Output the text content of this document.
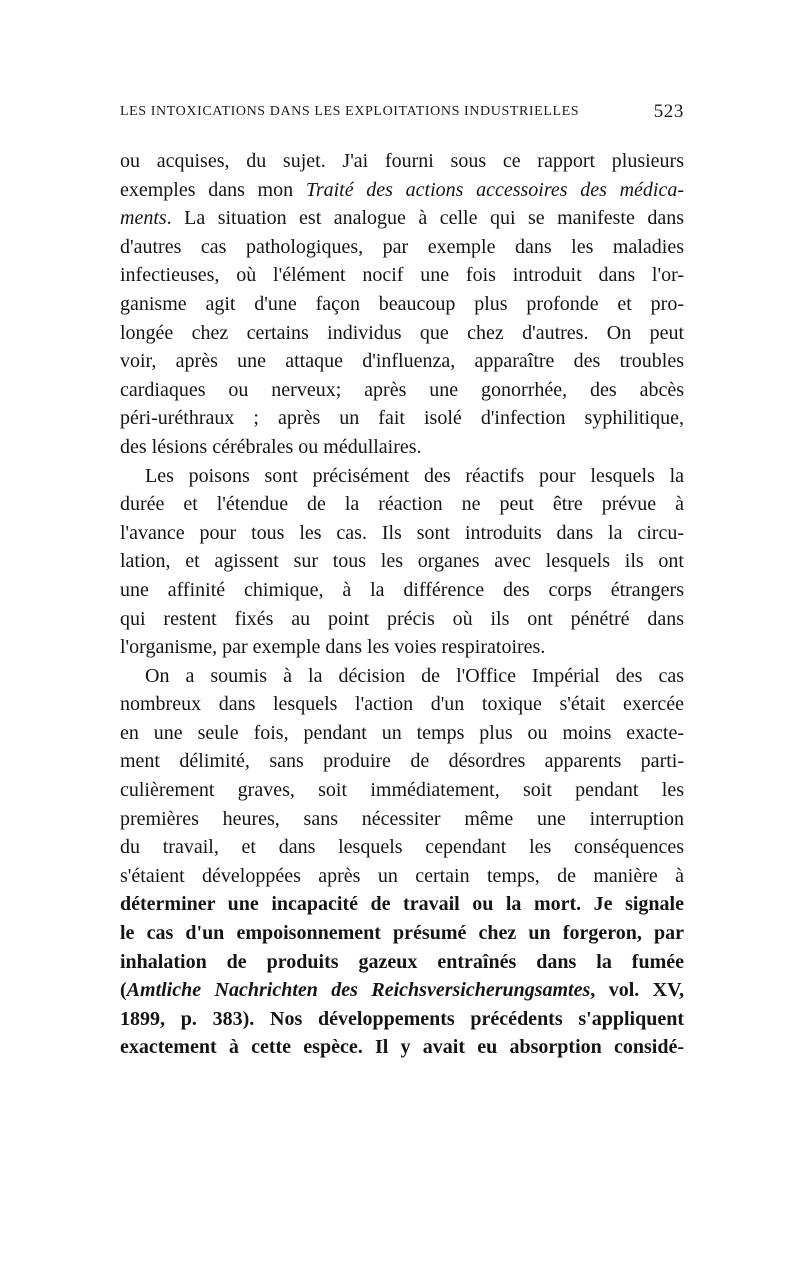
LES INTOXICATIONS DANS LES EXPLOITATIONS INDUSTRIELLES	523
ou acquises, du sujet. J'ai fourni sous ce rapport plusieurs
exemples dans mon Traité des actions accessoires des médica-
ments. La situation est analogue à celle qui se manifeste dans
d'autres cas pathologiques, par exemple dans les maladies
infectieuses, où l'élément nocif une fois introduit dans l'or-
ganisme agit d'une façon beaucoup plus profonde et pro-
longée chez certains individus que chez d'autres. On peut
voir, après une attaque d'influenza, apparaître des troubles
cardiaques ou nerveux; après une gonorrhée, des abcès
péri-uréthraux ; après un fait isolé d'infection syphilitique,
des lésions cérébrales ou médullaires.
Les poisons sont précisément des réactifs pour lesquels la
durée et l'étendue de la réaction ne peut être prévue à
l'avance pour tous les cas. Ils sont introduits dans la circu-
lation, et agissent sur tous les organes avec lesquels ils ont
une affinité chimique, à la différence des corps étrangers
qui restent fixés au point précis où ils ont pénétré dans
l'organisme, par exemple dans les voies respiratoires.
On a soumis à la décision de l'Office Impérial des cas
nombreux dans lesquels l'action d'un toxique s'était exercée
en une seule fois, pendant un temps plus ou moins exacte-
ment délimité, sans produire de désordres apparents parti-
culièrement graves, soit immédiatement, soit pendant les
premières heures, sans nécessiter même une interruption
du travail, et dans lesquels cependant les conséquences
s'étaient développées après un certain temps, de manière à
déterminer une incapacité de travail ou la mort. Je signale
le cas d'un empoisonnement présumé chez un forgeron, par
inhalation de produits gazeux entraînés dans la fumée
(Amtliche Nachrichten des Reichsversicherungsamtes, vol. XV,
1899, p. 383). Nos développements précédents s'appliquent
exactement à cette espèce. Il y avait eu absorption considé-
